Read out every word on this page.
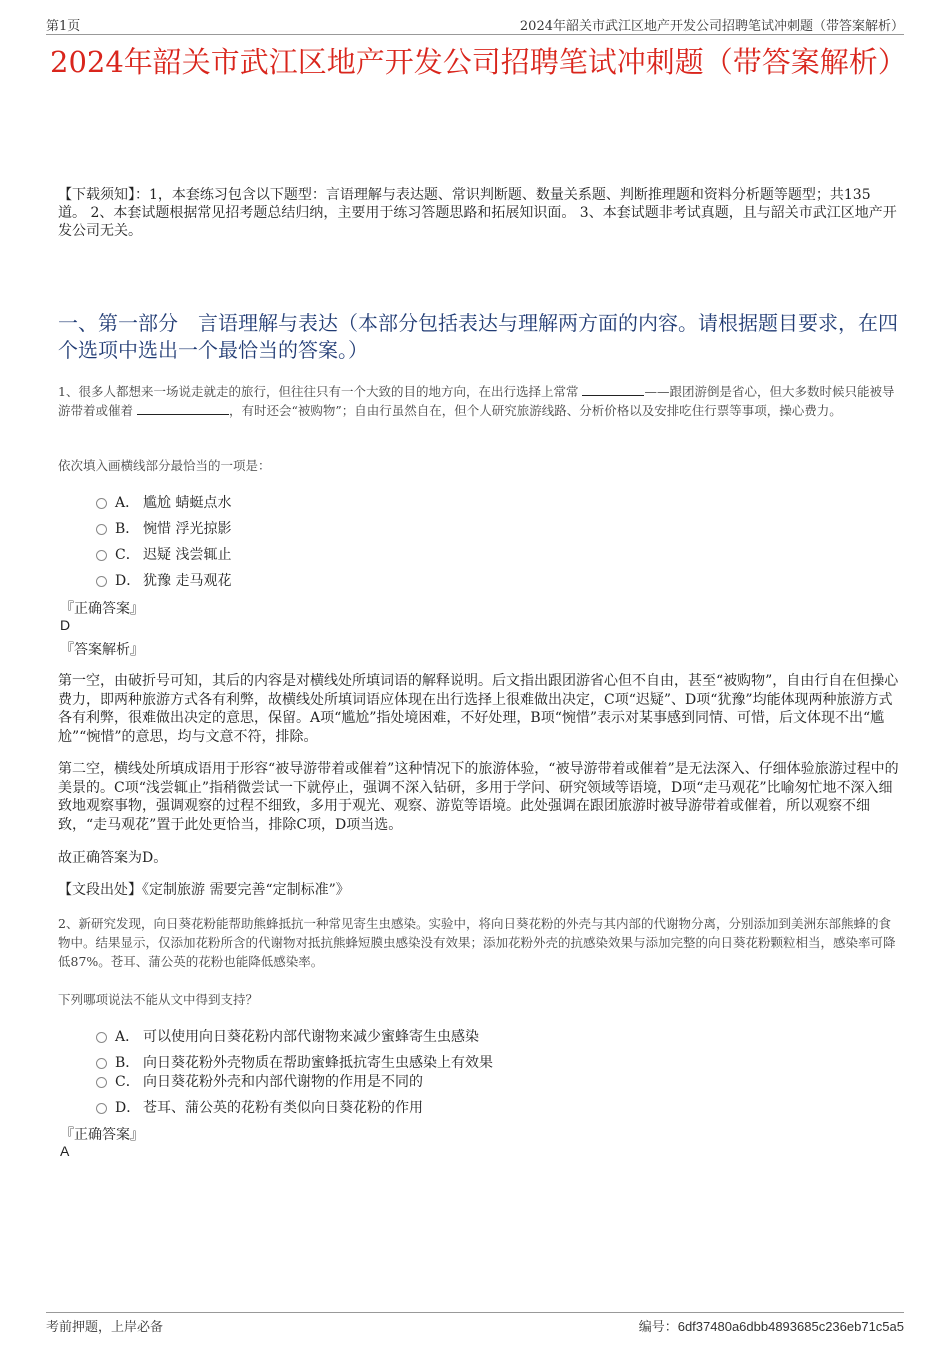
第1页	2024年韶关市武江区地产开发公司招聘笔试冲刺题（带答案解析）
2024年韶关市武江区地产开发公司招聘笔试冲刺题（带答案解析）
【下载须知】：1，本套练习包含以下题型：言语理解与表达题、常识判断题、数量关系题、判断推理题和资料分析题等题型；共135道。 2、本套试题根据常见招考题总结归纳，主要用于练习答题思路和拓展知识面。 3、本套试题非考试真题，且与韶关市武江区地产开发公司无关。
一、第一部分　言语理解与表达（本部分包括表达与理解两方面的内容。请根据题目要求，在四个选项中选出一个最恰当的答案。）
1、很多人都想来一场说走就走的旅行，但往往只有一个大致的目的地方向，在出行选择上常常	——跟团游倒是省心，但大多数时候只能被导游带着或催着	，有时还会“被购物”；自由行虽然自在，但个人研究旅游线路、分析价格以及安排吃住行票等事项，操心费力。
依次填入画横线部分最恰当的一项是：
A． 尴尬 蜻蜓点水
B． 惋惜 浮光掠影
C． 迟疑 浅尝辄止
D． 犹豫 走马观花
『正确答案』
D
『答案解析』
第一空，由破折号可知，其后的内容是对横线处所填词语的解释说明。后文指出跟团游省心但不自由，甚至“被购物”，自由行自在但操心费力，即两种旅游方式各有利弊，故横线处所填词语应体现在出行选择上很难做出决定，C项“迟疑”、D项“犹豫”均能体现两种旅游方式各有利弊，很难做出决定的意思，保留。A项“尴尬”指处境困难，不好处理，B项“惋惜”表示对某事感到同情、可惜，后文体现不出“尴尬”“惋惜”的意思，均与文意不符，排除。
第二空，横线处所填成语用于形容“被导游带着或催着”这种情况下的旅游体验，“被导游带着或催着”是无法深入、仔细体验旅游过程中的美景的。C项“浅尝辄止”指稍微尝试一下就停止，强调不深入钻研，多用于学问、研究领域等语境，D项“走马观花”比喻匆忙地不深入细致地观察事物，强调观察的过程不细致，多用于观光、观察、游览等语境。此处强调在跟团旅游时被导游带着或催着，所以观察不细致，“走马观花”置于此处更恰当，排除C项，D项当选。
故正确答案为D。
【文段出处】《定制旅游 需要完善“定制标准”》
2、新研究发现，向日葵花粉能帮助熊蜂抵抗一种常见寄生虫感染。实验中，将向日葵花粉的外壳与其内部的代谢物分离，分别添加到美洲东部熊蜂的食物中。结果显示，仅添加花粉所含的代谢物对抵抗熊蜂短膜虫感染没有效果；添加花粉外壳的抗感染效果与添加完整的向日葵花粉颗粒相当，感染率可降低87%。苍耳、蒲公英的花粉也能降低感染率。
下列哪项说法不能从文中得到支持？
A． 可以使用向日葵花粉内部代谢物来减少蜜蜂寄生虫感染
B． 向日葵花粉外壳物质在帮助蜜蜂抵抗寄生虫感染上有效果
C． 向日葵花粉外壳和内部代谢物的作用是不同的
D． 苍耳、蒲公英的花粉有类似向日葵花粉的作用
『正确答案』
A
考前押题，上岸必备	编号：6df37480a6dbb4893685c236eb71c5a5
